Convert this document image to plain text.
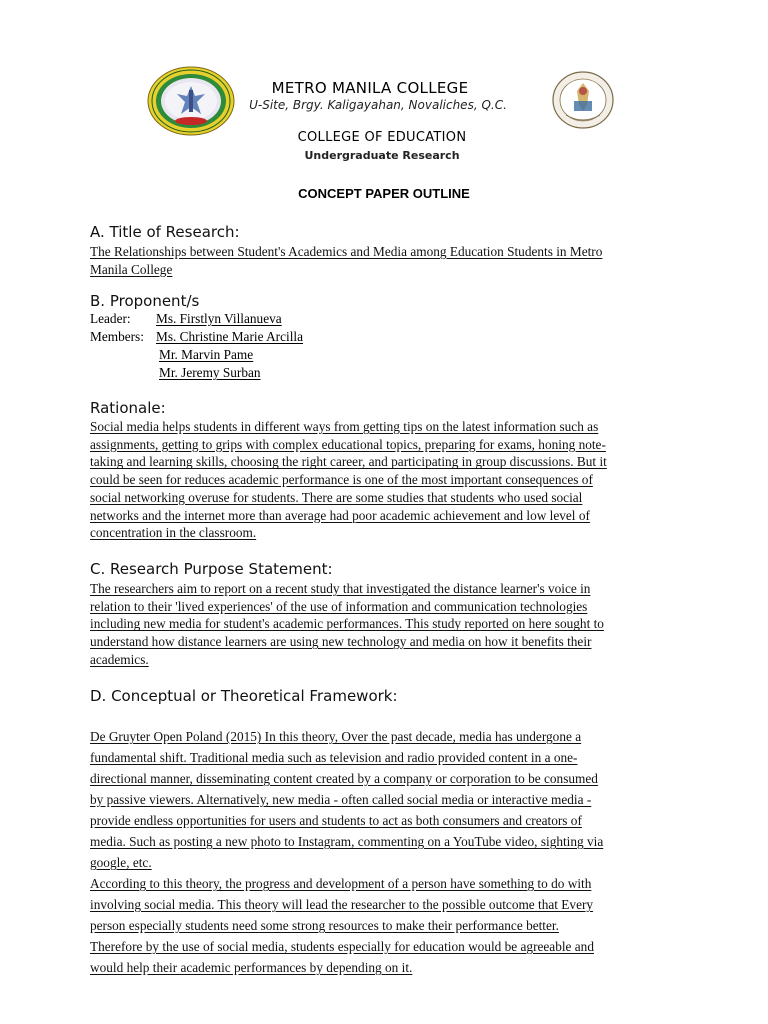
METRO MANILA COLLEGE
U-Site, Brgy. Kaligayahan, Novaliches, Q.C.
COLLEGE OF EDUCATION
Undergraduate Research
CONCEPT PAPER OUTLINE
A. Title of Research:
The Relationships between Student's Academics and Media among Education Students in Metro
Manila College
B. Proponent/s
Leader: Ms. Firstlyn Villanueva
Members: Ms. Christine Marie Arcilla
Mr. Marvin Pame
Mr. Jeremy Surban
Rationale:
Social media helps students in different ways from getting tips on the latest information such as
assignments, getting to grips with complex educational topics, preparing for exams, honing note-
taking and learning skills, choosing the right career, and participating in group discussions. But it
could be seen for reduces academic performance is one of the most important consequences of
social networking overuse for students. There are some studies that students who used social
networks and the internet more than average had poor academic achievement and low level of
concentration in the classroom.
C. Research Purpose Statement:
The researchers aim to report on a recent study that investigated the distance learner's voice in
relation to their 'lived experiences' of the use of information and communication technologies
including new media for student's academic performances. This study reported on here sought to
understand how distance learners are using new technology and media on how it benefits their
academics.
D. Conceptual or Theoretical Framework:
De Gruyter Open Poland (2015) In this theory, Over the past decade, media has undergone a
fundamental shift. Traditional media such as television and radio provided content in a one-
directional manner, disseminating content created by a company or corporation to be consumed
by passive viewers. Alternatively, new media - often called social media or interactive media -
provide endless opportunities for users and students to act as both consumers and creators of
media. Such as posting a new photo to Instagram, commenting on a YouTube video, sighting via
google, etc.
According to this theory, the progress and development of a person have something to do with
involving social media. This theory will lead the researcher to the possible outcome that Every
person especially students need some strong resources to make their performance better.
Therefore by the use of social media, students especially for education would be agreeable and
would help their academic performances by depending on it.
